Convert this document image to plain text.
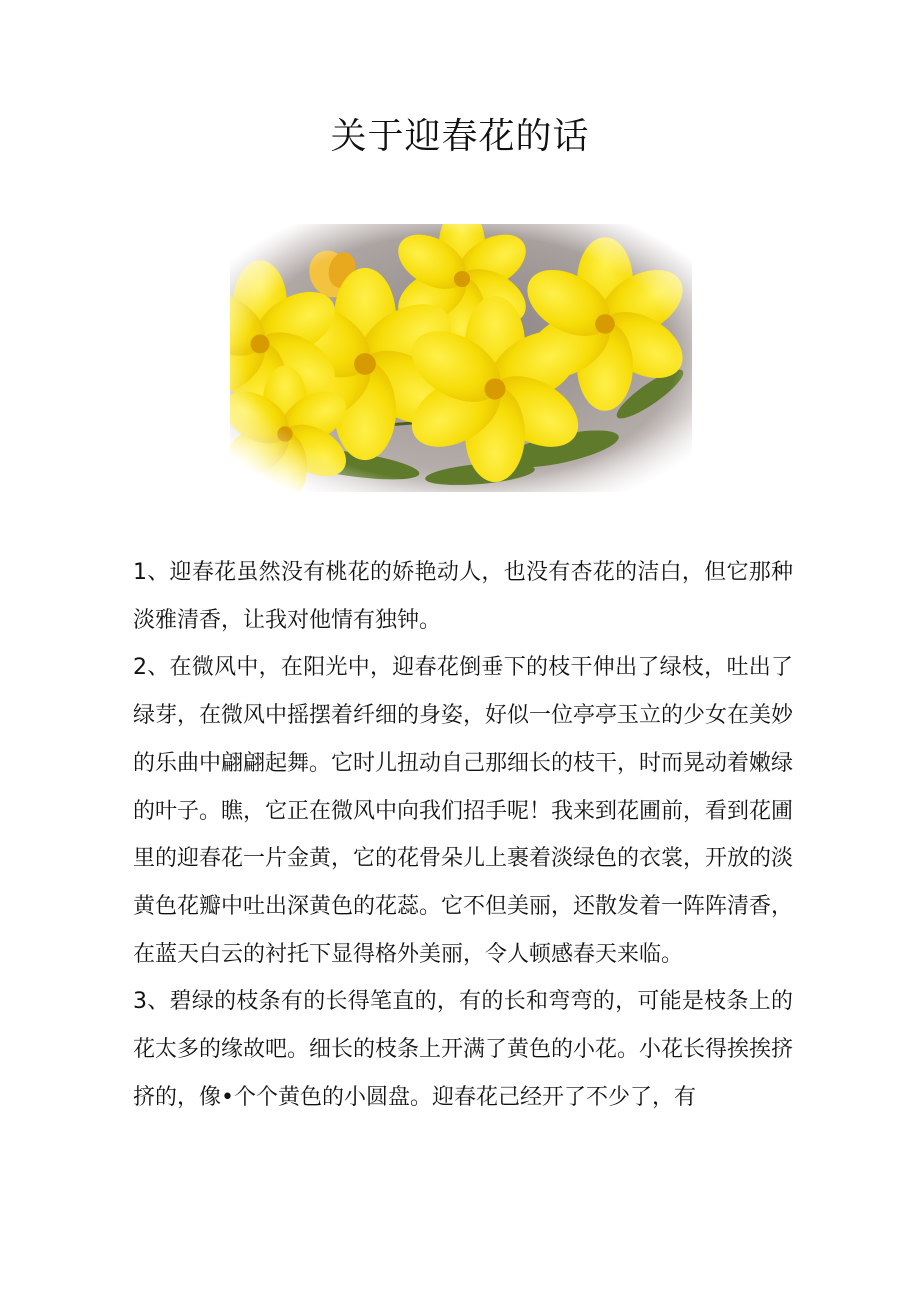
关于迎春花的话

1、迎春花虽然没有桃花的娇艳动人，也没有杏花的洁白，但它那种淡雅清香，让我对他情有独钟。

2、在微风中，在阳光中，迎春花倒垂下的枝干伸出了绿枝，吐出了绿芽，在微风中摇摆着纤细的身姿，好似一位亭亭玉立的少女在美妙的乐曲中翩翩起舞。它时儿扭动自己那细长的枝干，时而晃动着嫩绿的叶子。瞧，它正在微风中向我们招手呢！我来到花圃前，看到花圃里的迎春花一片金黄，它的花骨朵儿上裹着淡绿色的衣裳，开放的淡黄色花瓣中吐出深黄色的花蕊。它不但美丽，还散发着一阵阵清香，在蓝天白云的衬托下显得格外美丽，令人顿感春天来临。

3、碧绿的枝条有的长得笔直的，有的长和弯弯的，可能是枝条上的花太多的缘故吧。细长的枝条上开满了黄色的小花。小花长得挨挨挤挤的，像•个个黄色的小圆盘。迎春花己经开了不少了，有
